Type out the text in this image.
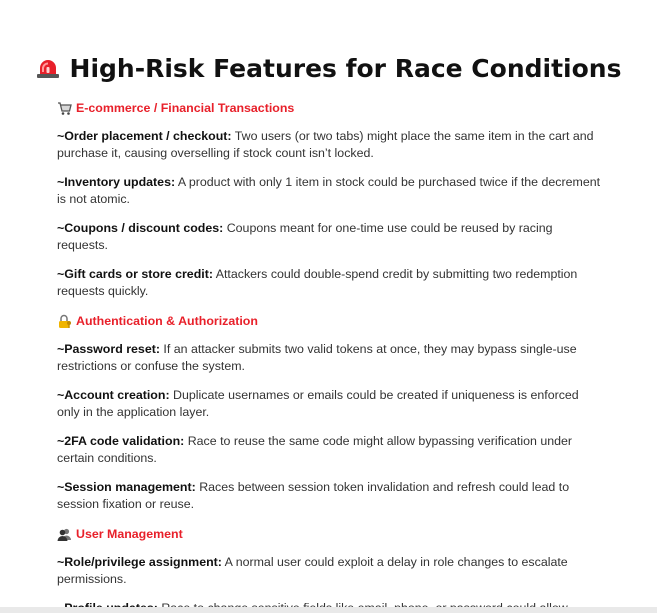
High-Risk Features for Race Conditions
E-commerce / Financial Transactions

~Order placement / checkout: Two users (or two tabs) might place the same item in the cart and purchase it, causing overselling if stock count isn’t locked.

~Inventory updates: A product with only 1 item in stock could be purchased twice if the decrement is not atomic.

~Coupons / discount codes: Coupons meant for one-time use could be reused by racing requests.

~Gift cards or store credit: Attackers could double-spend credit by submitting two redemption requests quickly.

Authentication & Authorization

~Password reset: If an attacker submits two valid tokens at once, they may bypass single-use restrictions or confuse the system.

~Account creation: Duplicate usernames or emails could be created if uniqueness is enforced only in the application layer.

~2FA code validation: Race to reuse the same code might allow bypassing verification under certain conditions.

~Session management: Races between session token invalidation and refresh could lead to session fixation or reuse.

User Management

~Role/privilege assignment: A normal user could exploit a delay in role changes to escalate permissions.
